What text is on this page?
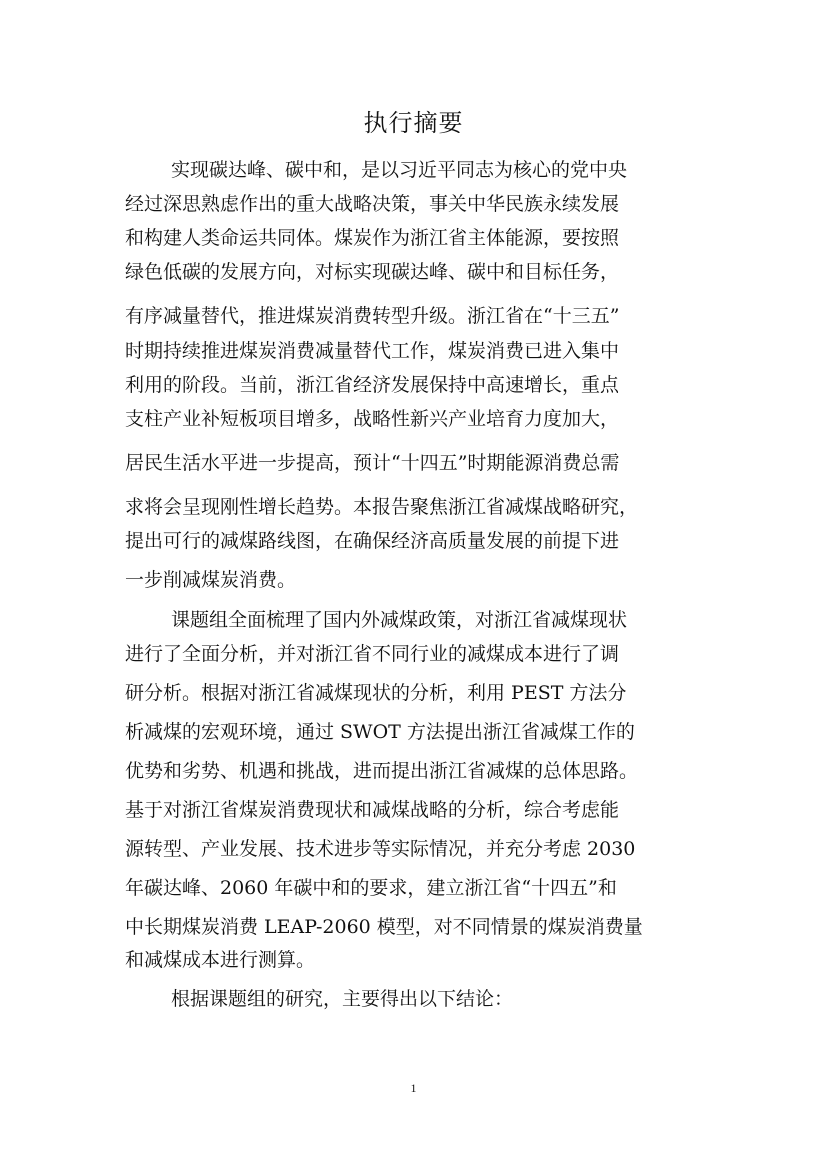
执行摘要
实现碳达峰、碳中和，是以习近平同志为核心的党中央
经过深思熟虑作出的重大战略决策，事关中华民族永续发展
和构建人类命运共同体。煤炭作为浙江省主体能源，要按照
绿色低碳的发展方向，对标实现碳达峰、碳中和目标任务，
有序减量替代，推进煤炭消费转型升级。浙江省在“十三五”
时期持续推进煤炭消费减量替代工作，煤炭消费已进入集中
利用的阶段。当前，浙江省经济发展保持中高速增长，重点
支柱产业补短板项目增多，战略性新兴产业培育力度加大，
居民生活水平进一步提高，预计“十四五”时期能源消费总需
求将会呈现刚性增长趋势。本报告聚焦浙江省减煤战略研究，
提出可行的减煤路线图，在确保经济高质量发展的前提下进
一步削减煤炭消费。
课题组全面梳理了国内外减煤政策，对浙江省减煤现状
进行了全面分析，并对浙江省不同行业的减煤成本进行了调
研分析。根据对浙江省减煤现状的分析，利用 PEST 方法分
析减煤的宏观环境，通过 SWOT 方法提出浙江省减煤工作的
优势和劣势、机遇和挑战，进而提出浙江省减煤的总体思路。
基于对浙江省煤炭消费现状和减煤战略的分析，综合考虑能
源转型、产业发展、技术进步等实际情况，并充分考虑 2030
年碳达峰、2060 年碳中和的要求，建立浙江省“十四五”和
中长期煤炭消费 LEAP-2060 模型，对不同情景的煤炭消费量
和减煤成本进行测算。
根据课题组的研究，主要得出以下结论：
1
